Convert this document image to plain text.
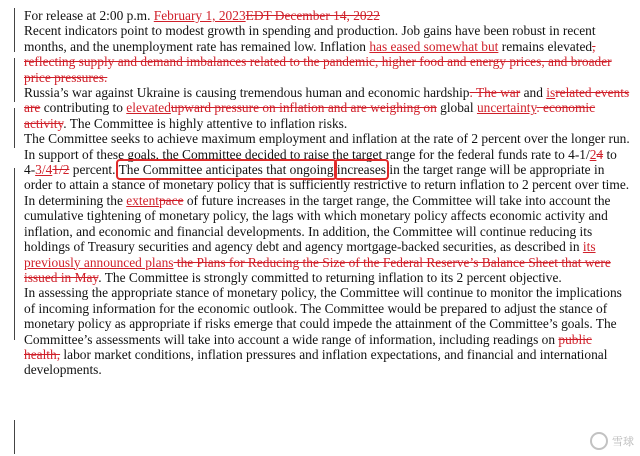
For release at 2:00 p.m. February 1, 2023EDT December 14, 2022

Recent indicators point to modest growth in spending and production. Job gains have been robust in recent months, and the unemployment rate has remained low. Inflation has eased somewhat but remains elevated, reflecting supply and demand imbalances related to the pandemic, higher food and energy prices, and broader price pressures.

Russia’s war against Ukraine is causing tremendous human and economic hardship. The war and isrelated events are contributing to elevatedupward pressure on inflation and are weighing on global uncertainty. economic activity. The Committee is highly attentive to inflation risks.

The Committee seeks to achieve maximum employment and inflation at the rate of 2 percent over the longer run. In support of these goals, the Committee decided to raise the target range for the federal funds rate to 4-1/24 to 4-3/41/2 percent. The Committee anticipates that ongoing increases in the target range will be appropriate in order to attain a stance of monetary policy that is sufficiently restrictive to return inflation to 2 percent over time. In determining the extentpace of future increases in the target range, the Committee will take into account the cumulative tightening of monetary policy, the lags with which monetary policy affects economic activity and inflation, and economic and financial developments. In addition, the Committee will continue reducing its holdings of Treasury securities and agency debt and agency mortgage-backed securities, as described in its previously announced plans the Plans for Reducing the Size of the Federal Reserve’s Balance Sheet that were issued in May. The Committee is strongly committed to returning inflation to its 2 percent objective.

In assessing the appropriate stance of monetary policy, the Committee will continue to monitor the implications of incoming information for the economic outlook. The Committee would be prepared to adjust the stance of monetary policy as appropriate if risks emerge that could impede the attainment of the Committee’s goals. The Committee’s assessments will take into account a wide range of information, including readings on public health, labor market conditions, inflation pressures and inflation expectations, and financial and international developments.

雪球
